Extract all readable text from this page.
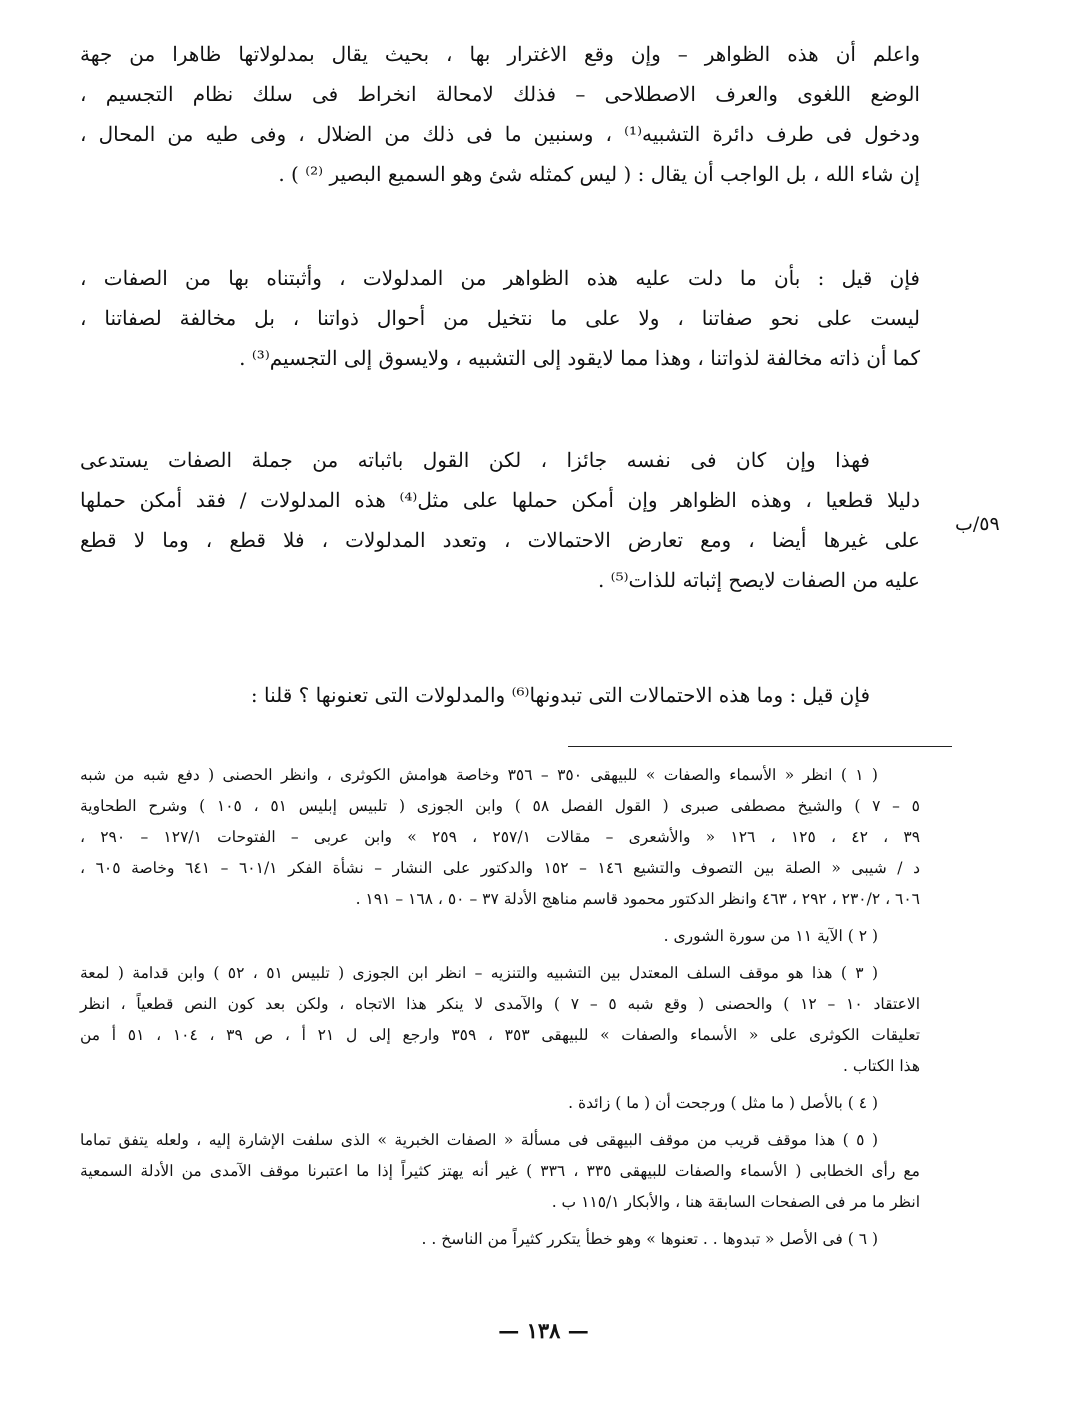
واعلم أن هذه الظواهر – وإن وقع الاغترار بها ، بحيث يقال بمدلولاتها ظاهرا من جهة
الوضع اللغوى والعرف الاصطلاحى – فذلك لامحالة انخراط فى سلك نظام التجسيم ،
ودخول فى طرف دائرة التشبيه⁽¹⁾ ، وسنبين ما فى ذلك من الضلال ، وفى طيه من المحال ،
إن شاء الله ، بل الواجب أن يقال : ( ليس كمثله شئ وهو السميع البصير ⁽²⁾ ) .
فإن قيل : بأن ما دلت عليه هذه الظواهر من المدلولات ، وأثبتناه بها من الصفات ،
ليست على نحو صفاتنا ، ولا على ما نتخيل من أحوال ذواتنا ، بل مخالفة لصفاتنا ،
كما أن ذاته مخالفة لذواتنا ، وهذا مما لايقود إلى التشبيه ، ولايسوق إلى التجسيم⁽³⁾ .
فهذا وإن كان فى نفسه جائزا ، لكن القول باثباته من جملة الصفات يستدعى
دليلا قطعيا ، وهذه الظواهر وإن أمكن حملها على مثل⁽⁴⁾ هذه المدلولات / فقد أمكن حملها
على غيرها أيضا ، ومع تعارض الاحتمالات ، وتعدد المدلولات ، فلا قطع ، وما لا قطع
عليه من الصفات لايصح إثباته للذات⁽⁵⁾ .
فإن قيل : وما هذه الاحتمالات التى تبدونها⁽⁶⁾ والمدلولات التى تعنونها ؟ قلنا :
٥٩/ب
( ١ ) انظر « الأسماء والصفات » للبيهقى ٣٥٠ – ٣٥٦ وخاصة هوامش الكوثرى ، وانظر الحصنى ( دفع شبه من شبه
٥ – ٧ ) والشيخ مصطفى صبرى ( القول الفصل ٥٨ ) وابن الجوزى ( تلبيس إبليس ٥١ ، ١٠٥ ) وشرح الطحاوية
٣٩ ، ٤٢ ، ١٢٥ ، ١٢٦ « والأشعرى – مقالات ٢٥٧/١ ، ٢٥٩ » وابن عربى – الفتوحات ١٢٧/١ – ٢٩٠ ،
د / شيبى « الصلة بين التصوف والتشيع ١٤٦ – ١٥٢ والدكتور على النشار – نشأة الفكر ٦٠١/١ – ٦٤١ وخاصة ٦٠٥ ،
٦٠٦ ، ٢٣٠/٢ ، ٢٩٢ ، ٤٦٣ وانظر الدكتور محمود قاسم مناهج الأدلة ٣٧ – ٥٠ ، ١٦٨ – ١٩١ .
( ٢ ) الآية ١١ من سورة الشورى .
( ٣ ) هذا هو موقف السلف المعتدل بين التشبيه والتنزيه – انظر ابن الجوزى ( تلبيس ٥١ ، ٥٢ ) وابن قدامة ( لمعة
الاعتقاد ١٠ – ١٢ ) والحصنى ( وقع شبه ٥ – ٧ ) والآمدى لا ينكر هذا الاتجاه ، ولكن بعد كون النص قطعياً ، انظر
تعليقات الكوثرى على « الأسماء والصفات » للبيهقى ٣٥٣ ، ٣٥٩ وارجع إلى ل ٢١ أ ، ص ٣٩ ، ١٠٤ ، ٥١ أ من
هذا الكتاب .
( ٤ ) بالأصل ( ما مثل ) ورجحت أن ( ما ) زائدة .
( ٥ ) هذا موقف قريب من موقف البيهقى فى مسألة « الصفات الخبرية » الذى سلفت الإشارة إليه ، ولعله يتفق تماما
مع رأى الخطابى ( الأسماء والصفات للبيهقى ٣٣٥ ، ٣٣٦ ) غير أنه يهتز كثيراً إذا ما اعتبرنا موقف الآمدى من الأدلة السمعية
انظر ما مر فى الصفحات السابقة هنا ، والأبكار ١١٥/١ ب .
( ٦ ) فى الأصل « تبدوها . . تعنوها » وهو خطأ يتكرر كثيراً من الناسخ . .
— ١٣٨ —
